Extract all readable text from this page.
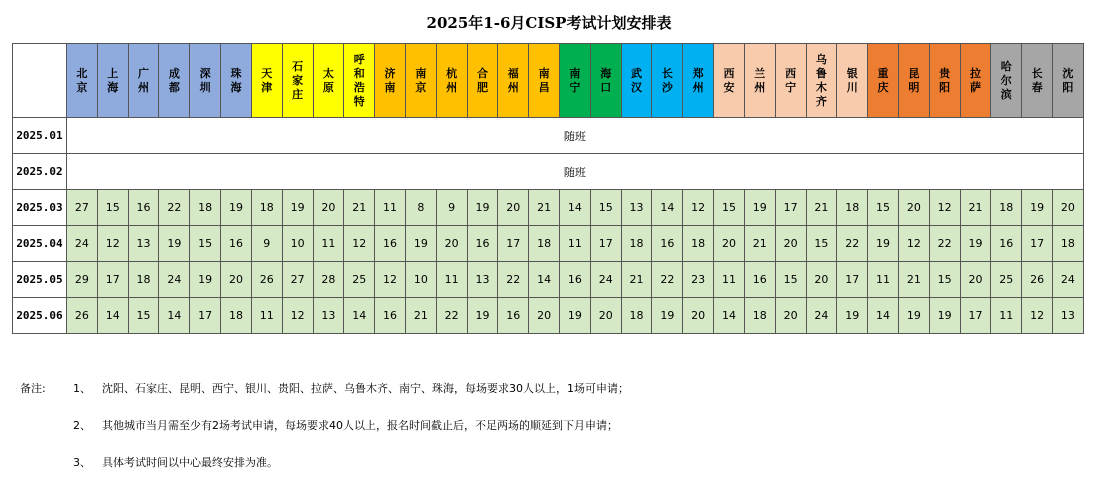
2025年1-6月CISP考试计划安排表
	北京	上海	广州	成都	深圳	珠海	天津	石家庄	太原	呼和浩特	济南	南京	杭州	合肥	福州	南昌	南宁	海口	武汉	长沙	郑州	西安	兰州	西宁	乌鲁木齐	银川	重庆	昆明	贵阳	拉萨	哈尔滨	长春	沈阳
2025.01	随班																																
2025.02	随班																																
2025.03	27	15	16	22	18	19	18	19	20	21	11	8	9	19	20	21	14	15	13	14	12	15	19	17	21	18	15	20	12	21	18	19	20
2025.04	24	12	13	19	15	16	9	10	11	12	16	19	20	16	17	18	11	17	18	16	18	20	21	20	15	22	19	12	22	19	16	17	18
2025.05	29	17	18	24	19	20	26	27	28	25	12	10	11	13	22	14	16	24	21	22	23	11	16	15	20	17	11	21	15	20	25	26	24
2025.06	26	14	15	14	17	18	11	12	13	14	16	21	22	19	16	20	19	20	18	19	20	14	18	20	24	19	14	19	19	17	11	12	13
备注: 1、 沈阳、石家庄、昆明、西宁、银川、贵阳、拉萨、乌鲁木齐、南宁、珠海，每场要求30人以上，1场可申请；
2、 其他城市当月需至少有2场考试申请，每场要求40人以上，报名时间截止后，不足两场的顺延到下月申请；
3、 具体考试时间以中心最终安排为准。
